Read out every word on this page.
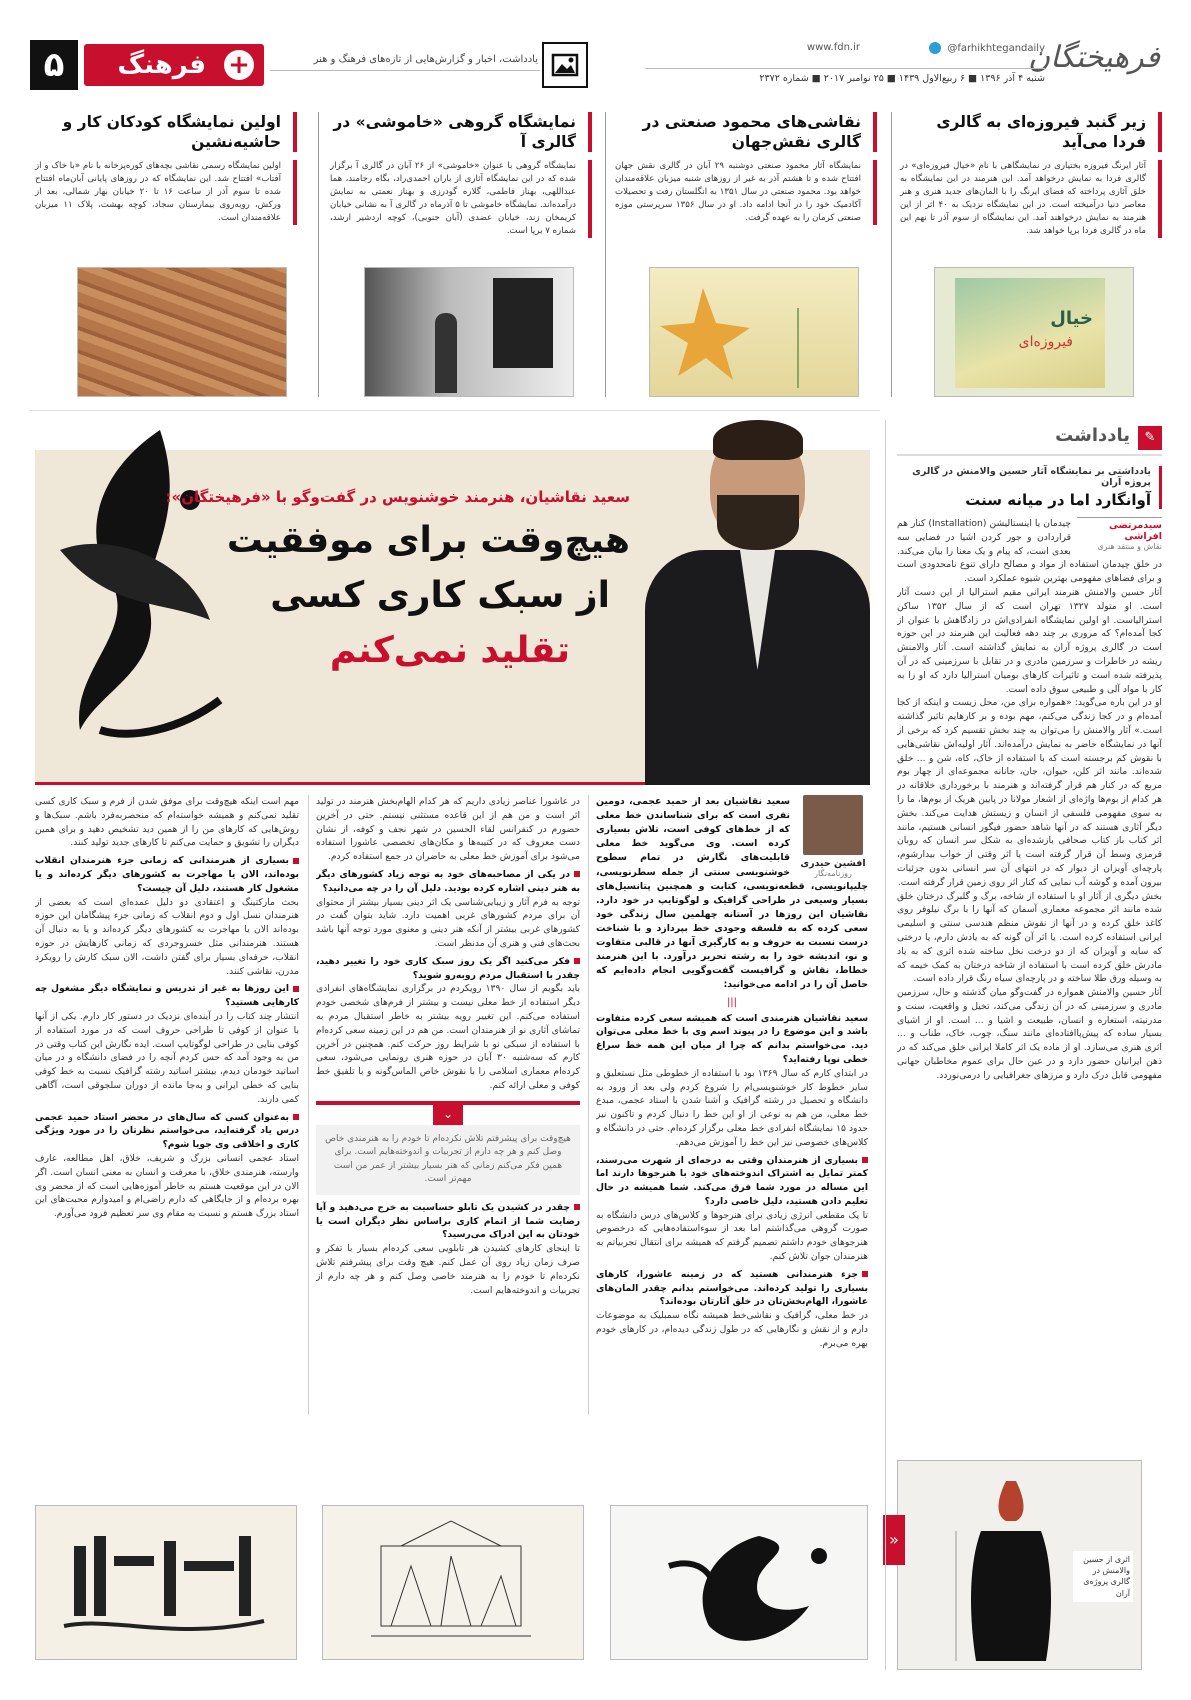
۵	فرهنگ +	یادداشت، اخبار و گزارش‌هایی از تازه‌های فرهنگ و هنر	فرهیختگان
@farhikhtegandaily
www.fdn.ir
شنبه ۴ آذر ۱۳۹۶ ■ ۶ ربیع‌الاول ۱۴۳۹ ■ ۲۵ نوامبر ۲۰۱۷ ■ شماره ۲۳۷۲
زیر گنبد فیروزه‌ای به گالری فردا می‌آید
آثار ایرنگ فیروزه بختیاری در نمایشگاهی با نام «خیال فیروزه‌ای» در گالری فردا به نمایش درخواهد آمد. این هنرمند در این نمایشگاه به خلق آثاری پرداخته که فضای ایرنگ را با المان‌های جدید هنری و هنر معاصر دنیا درآمیخته است. در این نمایشگاه نزدیک به ۴۰ اثر از این هنرمند به نمایش درخواهند آمد. این نمایشگاه از سوم آذر تا نهم این ماه در گالری فردا برپا خواهد شد.
خیال
فیروزه‌ای
نقاشی‌های محمود صنعتی در گالری نقش‌جهان
نمایشگاه آثار محمود صنعتی دوشنبه ۲۹ آبان در گالری نقش جهان افتتاح شده و تا هشتم آذر به غیر از روزهای شنبه میزبان علاقه‌مندان خواهد بود. محمود صنعتی در سال ۱۳۵۱ به انگلستان رفت و تحصیلات آکادمیک خود را در آنجا ادامه داد. او در سال ۱۳۵۶ سرپرستی موزه صنعتی کرمان را به عهده گرفت.
نمایشگاه گروهی «خاموشی» در گالری آ
نمایشگاه گروهی با عنوان «خاموشی» از ۲۶ آبان در گالری آ برگزار شده که در این نمایشگاه آثاری از باران احمدی‌راد، بگاه رجامند، هما عبداللهی، بهناز فاطمی، گلاره گودرزی و بهناز نعمتی به نمایش درآمده‌اند. نمایشگاه خاموشی تا ۵ آذرماه در گالری آ به نشانی خیابان کریمخان زند، خیابان عضدی (آبان جنوبی)، کوچه اردشیر ارشد، شماره ۷ برپا است.
اولین نمایشگاه کودکان کار و حاشیه‌نشین
اولین نمایشگاه رسمی نقاشی بچه‌های کوره‌پزخانه با نام «با خاک و از آفتاب» افتتاح شد. این نمایشگاه که در روزهای پایانی آبان‌ماه افتتاح شده تا سوم آذر از ساعت ۱۶ تا ۲۰ خیابان بهار شمالی، بعد از ورکش، روبه‌روی بیمارستان سجاد، کوچه بهشت، پلاک ۱۱ میزبان علاقه‌مندان است.
سعید نقاشیان، هنرمند خوشنویس در گفت‌وگو با «فرهیختگان»:
هیچ‌وقت برای موفقیت
از سبک کاری کسی
تقلید نمی‌کنم
افشین حیدری
روزنامه‌نگار
سعید نقاشیان بعد از حمید عجمی، دومین نفری است که برای شناساندن خط معلی که از خط‌های کوفی است، تلاش بسیاری کرده است. وی می‌گوید خط معلی قابلیت‌های نگارش در تمام سطوح خوشنویسی سنتی از جمله سطرنویسی، چلیپانویسی، قطعه‌نویسی، کتابت و همچنین پتانسیل‌های بسیار وسیعی در طراحی گرافیک و لوگوتایپ در خود دارد. نقاشیان این روزها در آستانه چهلمین سال زندگی خود سعی کرده که به فلسفه وجودی خط بپردازد و با شناخت درست نسبت به حروف و به کارگیری آنها در قالبی متفاوت و نو، اندیشه خود را به رشته تحریر درآورد. با این هنرمند خطاط، نقاش و گرافیست گفت‌وگویی انجام داده‌ایم که حاصل آن را در ادامه می‌خوانید:
|||
سعید نقاشیان هنرمندی است که همیشه سعی کرده متفاوت باشد و این موضوع را در پیوند اسم وی با خط معلی می‌توان دید. می‌خواستم بدانم که چرا از میان این همه خط سراغ خطی نوپا رفته‌اید؟
در ابتدای کارم که سال ۱۳۶۹ بود با استفاده از خطوطی مثل نستعلیق و سایر خطوط کار خوشنویسی‌ام را شروع کردم ولی بعد از ورود به دانشگاه و تحصیل در رشته گرافیک و آشنا شدن با استاد عجمی، مبدع خط معلی، من هم به نوعی از او این خط را دنبال کردم و تاکنون نیز حدود ۱۵ نمایشگاه انفرادی خط معلی برگزار کرده‌ام. حتی در دانشگاه و کلاس‌های خصوصی نیز این خط را آموزش می‌دهم.
بسیاری از هنرمندان وقتی به درجه‌ای از شهرت می‌رسند، کمتر تمایل به اشتراک اندوخته‌های خود با هنرجوها دارند اما این مساله در مورد شما فرق می‌کند. شما همیشه در حال تعلیم دادن هستید، دلیل خاصی دارد؟
تا یک مقطعی انرژی زیادی برای هنرجوها و کلاس‌های درس دانشگاه به صورت گروهی می‌گذاشتم اما بعد از سوءاستفاده‌هایی که درخصوص هنرجوهای خودم داشتم تصمیم گرفتم که همیشه برای انتقال تجربیاتم به هنرمندان جوان تلاش کنم.
جزء هنرمندانی هستید که در زمینه عاشورا، کارهای بسیاری را تولید کرده‌اند. می‌خواستم بدانم چقدر المان‌های عاشورا، الهام‌بخش‌تان در خلق آثارتان بوده‌اند؟
در خط معلی، گرافیک و نقاشی‌خط همیشه نگاه سمبلیک به موضوعات دارم و از نقش و نگارهایی که در طول زندگی دیده‌ام، در کارهای خودم بهره می‌برم.
در عاشورا عناصر زیادی داریم که هر کدام الهام‌بخش هنرمند در تولید اثر است و من هم از این قاعده مستثنی نیستم. حتی در آخرین حضورم در کنفرانس لقاء الحسین در شهر نجف و کوفه، از نشان دست معروف که در کتیبه‌ها و مکان‌های تخصصی عاشورا استفاده می‌شود برای آموزش خط معلی به حاضران در جمع استفاده کردم.
در یکی از مصاحبه‌های خود به توجه زیاد کشورهای دیگر به هنر دینی اشاره کرده بودید. دلیل آن را در چه می‌دانید؟
توجه به فرم آثار و زیبایی‌شناسی یک اثر دینی بسیار بیشتر از محتوای آن برای مردم کشورهای غربی اهمیت دارد. شاید بتوان گفت در کشورهای غربی بیشتر از آنکه هنر دینی و معنوی مورد توجه آنها باشد بحث‌های فنی و هنری آن مدنظر است.
فکر می‌کنید اگر یک روز سبک کاری خود را تغییر دهید، چقدر با استقبال مردم روبه‌رو شوید؟
باید بگویم از سال ۱۳۹۰ رویکردم در برگزاری نمایشگاه‌های انفرادی دیگر استفاده از خط معلی نیست و بیشتر از فرم‌های شخصی خودم استفاده می‌کنم. این تغییر رویه بیشتر به خاطر استقبال مردم به تماشای آثاری نو از هنرمندان است. من هم در این زمینه سعی کرده‌ام با استفاده از سبکی نو با شرایط روز حرکت کنم. همچنین در آخرین کارم که سه‌شنبه ۳۰ آبان در حوزه هنری رونمایی می‌شود، سعی کرده‌ام معماری اسلامی را با نقوش خاص الماس‌گونه و با تلفیق خط کوفی و معلی ارائه کنم.
⌄
هیچ‌وقت برای پیشرفتم تلاش نکرده‌ام تا خودم را به هنرمندی خاص وصل کنم و هر چه دارم از تجربیات و اندوخته‌هایم است. برای همین فکر می‌کنم زمانی که هنر بسیار بیشتر از عمر من است مهم‌تر است.
چقدر در کشیدن یک تابلو حساسیت به خرج می‌دهید و آیا رضایت شما از اتمام کاری براساس نظر دیگران است یا خودتان به این ادراک می‌رسید؟
تا اینجای کارهای کشیدن هر تابلویی سعی کرده‌ام بسیار با تفکر و صرف زمان زیاد روی آن عمل کنم. هیچ وقت برای پیشرفتم تلاش نکرده‌ام تا خودم را به هنرمند خاصی وصل کنم و هر چه دارم از تجربیات و اندوخته‌هایم است.
مهم است اینکه هیچ‌وقت برای موفق شدن از فرم و سبک کاری کسی تقلید نمی‌کنم و همیشه خواسته‌ام که منحصربه‌فرد باشم. سبک‌ها و روش‌هایی که کارهای من را از همین دید تشخیص دهید و برای همین دیگران را تشویق و حمایت می‌کنم تا کارهای جدید تولید کنند.
بسیاری از هنرمندانی که زمانی جزء هنرمندان انقلاب بوده‌اند، الان یا مهاجرت به کشورهای دیگر کرده‌اند و یا مشغول کار هستند، دلیل آن چیست؟
بحث مارکتینگ و اعتقادی دو دلیل عمده‌ای است که بعضی از هنرمندان نسل اول و دوم انقلاب که زمانی جزء پیشگامان این حوزه بوده‌اند الان یا مهاجرت به کشورهای دیگر کرده‌اند و یا به دنبال آن هستند. هنرمندانی مثل خسروجردی که زمانی کارهایش در حوزه انقلاب، حرفه‌ای بسیار برای گفتن داشت، الان سبک کارش را رویکرد مدرن، نقاشی کنند.
این روزها به غیر از تدریس و نمایشگاه دیگر مشغول چه کارهایی هستید؟
انتشار چند کتاب را در آینده‌ای نزدیک در دستور کار دارم. یکی از آنها با عنوان از کوفی تا طراحی حروف است که در مورد استفاده از کوفی بنایی در طراحی لوگوتایپ است. ایده نگارش این کتاب وقتی در من به وجود آمد که حس کردم آنچه را در فضای دانشگاه و در میان اساتید خودمان دیدم، بیشتر اساتید رشته گرافیک نسبت به خط کوفی بنایی که خطی ایرانی و به‌جا مانده از دوران سلجوقی است، آگاهی کمی دارند.
به‌عنوان کسی که سال‌های در محضر استاد حمید عجمی درس یاد گرفته‌اید، می‌خواستم نظرتان را در مورد ویژگی کاری و اخلاقی وی جویا شوم؟
استاد عجمی انسانی بزرگ و شریف، خلاق، اهل مطالعه، عارف وارسته، هنرمندی خلاق، با معرفت و انسان به معنی انسان است. اگر الان در این موقعیت هستم به خاطر آموزه‌هایی است که از محضر وی بهره برده‌ام و از جایگاهی که دارم راضی‌ام و امیدوارم محبت‌های این استاد بزرگ هستم و نسبت به مقام وی سر تعظیم فرود می‌آورم.
✎
یادداشت
یادداشتی بر نمایشگاه آثار حسین والامنش در گالری پروژه آران
آوانگارد اما در میانه سنت
سیدمرتضی افراشی
نقاش و منتقد هنری
چیدمان یا اینستالیشن (Installation) کنار هم قراردادن و جور کردن اشیا در فضایی سه بعدی است، که پیام و یک معنا را بیان می‌کند. در خلق چیدمان استفاده از مواد و مصالح دارای تنوع نامحدودی است و برای فضاهای مفهومی بهترین شیوه عملکرد است.
آثار حسین والامنش هنرمند ایرانی مقیم استرالیا از این دست آثار است. او متولد ۱۳۲۷ تهران است که از سال ۱۳۵۲ ساکن استرالیاست. او اولین نمایشگاه انفرادی‌اش در زادگاهش با عنوان از کجا آمده‌ام؟ که مروری بر چند دهه فعالیت این هنرمند در این حوزه است در گالری پروژه آران به نمایش گذاشته است. آثار والامنش ریشه در خاطرات و سرزمین مادری و در تقابل با سرزمینی که در آن پذیرفته شده است و تاثیرات کارهای بومیان استرالیا دارد که او را به کار با مواد آلی و طبیعی سوق داده است.
او در این باره می‌گوید: «همواره برای من، محل زیست و اینکه از کجا آمده‌ام و در کجا زندگی می‌کنم، مهم بوده و بر کارهایم تاثیر گذاشته است.» آثار والامنش را می‌توان به چند بخش تقسیم کرد که برخی از آنها در نمایشگاه حاضر به نمایش درآمده‌اند. آثار اولیه‌اش نقاشی‌هایی با نقوش کم برجسته است که با استفاده از خاک، کاه، شن و ... خلق شده‌اند. مانند اثر کلن، حیوان، جان، جانانه مجموعه‌ای از چهار بوم مربع که در کنار هم قرار گرفته‌اند و هنرمند با برخورداری خلاقانه در هر کدام از بوم‌ها واژه‌ای از اشعار مولانا در پایین هریک از بوم‌ها، ما را به سوی مفهومی فلسفی از انسان و زیستش هدایت می‌کند. بخش دیگر آثاری هستند که در آنها شاهد حضور فیگور انسانی هستیم، مانند اثر کتاب باز کتاب صحافی بازشده‌ای به شکل سر انسان که روبان قرمزی وسط آن قرار گرفته است یا اثر وقتی از خواب بیدارشوم، پارچه‌ای آویزان از دیوار که در انتهای آن سر انسانی بدون جزئیات بیرون آمده و گوشه آب نمایی که کنار اثر روی زمین قرار گرفته است.
بخش دیگری از آثار او با استفاده از شاخه، برگ و گلبرگ درختان خلق شده مانند اثر مجموعه معماری آسمان که آنها را با برگ نیلوفر روی کاغذ خلق کرده و در آنها از نقوش منظم هندسی سنتی و اسلیمی ایرانی استفاده کرده است. یا اثر آن گونه که به یادش دارم، یا درختی که سایه و آویزان که از دو درخت نخل ساخته شده اثری که به یاد مادرش خلق کرده است با استفاده از شاخه درختان به کمک خیمه که به وسیله ورق طلا ساخته و در پارچه‌ای سیاه رنگ قرار داده است.
آثار حسین والامنش همواره در گفت‌وگو میان گذشته و حال، سرزمین مادری و سرزمینی که در آن زندگی می‌کند، تخیل و واقعیت، سنت و مدرنیته، استعاره و انسان، طبیعت و اشیا و ... است. او از اشیای بسیار ساده که پیش‌پاافتاده‌ای مانند سنگ، چوب، خاک، طناب و ... اثری هنری می‌سازد. او از ماده یک اثر کاملا ایرانی خلق می‌کند که در ذهن ایرانیان حضور دارد و در عین حال برای عموم مخاطبان جهانی مفهومی قابل درک دارد و مرزهای جغرافیایی را درمی‌نوردد.
اثری از حسین والامنش در گالری پروژه‌ی آران
«
